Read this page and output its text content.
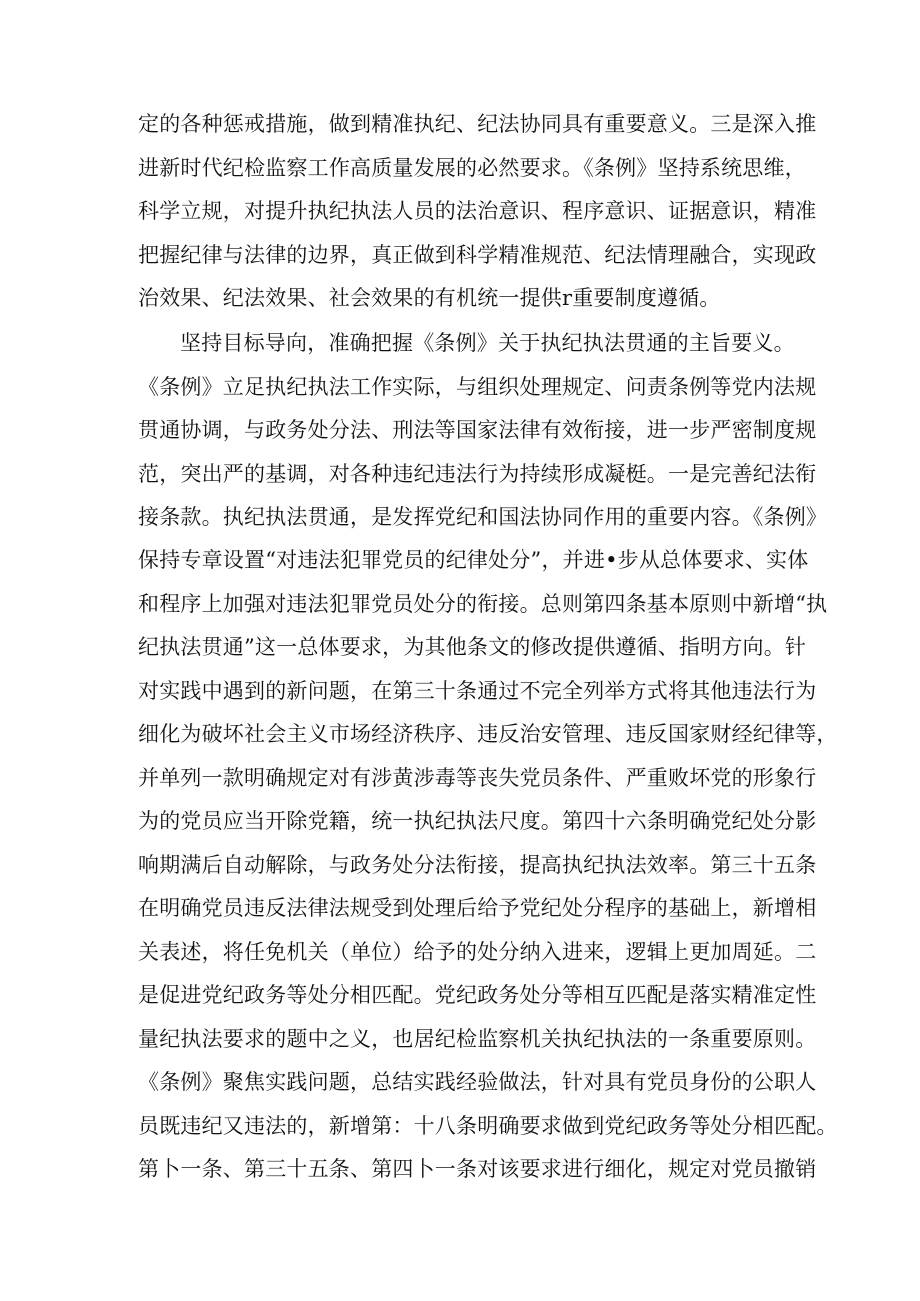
定的各种惩戒措施，做到精准执纪、纪法协同具有重要意义。三是深入推
进新时代纪检监察工作高质量发展的必然要求。《条例》坚持系统思维，
科学立规，对提升执纪执法人员的法治意识、程序意识、证据意识，精准
把握纪律与法律的边界，真正做到科学精准规范、纪法情理融合，实现政
治效果、纪法效果、社会效果的有机统一提供r重要制度遵循。
坚持目标导向，准确把握《条例》关于执纪执法贯通的主旨要义。
《条例》立足执纪执法工作实际，与组织处理规定、问责条例等党内法规
贯通协调，与政务处分法、刑法等国家法律有效衔接，进一步严密制度规
范，突出严的基调，对各种违纪违法行为持续形成凝梃。一是完善纪法衔
接条款。执纪执法贯通，是发挥党纪和国法协同作用的重要内容。《条例》
保持专章设置“对违法犯罪党员的纪律处分”，并进•步从总体要求、实体
和程序上加强对违法犯罪党员处分的衔接。总则第四条基本原则中新增“执
纪执法贯通”这一总体要求，为其他条文的修改提供遵循、指明方向。针
对实践中遇到的新问题，在第三十条通过不完全列举方式将其他违法行为
细化为破坏社会主义市场经济秩序、违反治安管理、违反国家财经纪律等，
并单列一款明确规定对有涉黄涉毒等丧失党员条件、严重败坏党的形象行
为的党员应当开除党籍，统一执纪执法尺度。第四十六条明确党纪处分影
响期满后自动解除，与政务处分法衔接，提高执纪执法效率。第三十五条
在明确党员违反法律法规受到处理后给予党纪处分程序的基础上，新增相
关表述，将任免机关（单位）给予的处分纳入进来，逻辑上更加周延。二
是促进党纪政务等处分相匹配。党纪政务处分等相互匹配是落实精准定性
量纪执法要求的题中之义，也居纪检监察机关执纪执法的一条重要原则。
《条例》聚焦实践问题，总结实践经验做法，针对具有党员身份的公职人
员既违纪又违法的，新增第：十八条明确要求做到党纪政务等处分相匹配。
第卜一条、第三十五条、第四卜一条对该要求进行细化，规定对党员撤销
